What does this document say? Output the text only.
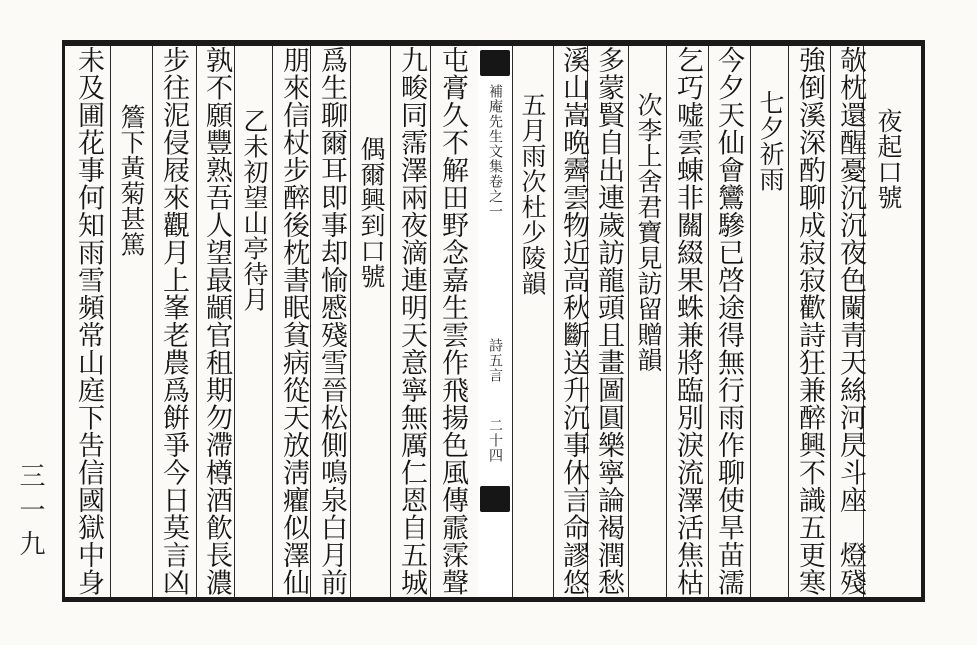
夜起口號
欹枕還醒憂沉沉夜色闌青天絲河昃斗座　燈殘
強倒溪深酌聊成寂寂歡詩狂兼醉興不識五更寒
七夕祈雨
今夕天仙會鸞驂已啓途得無行雨作聊使旱苗濡
乞巧嘘雲蝀非關綴果蛛兼將臨別淚流澤活焦枯
次李上舍君寶見訪留贈韻
多蒙賢自出連歲訪龍頭且畫圖圓樂寧論褐潤愁
溪山嵩晩霽雲物近高秋斷送升沉事休言命謬悠
五月雨次杜少陵韻
補庵先生文集卷之一
詩五言
二十四
屯膏久不解田野念嘉生雲作飛揚色風傳霢霂聲
九畯同霈澤兩夜滴連明天意寧無厲仁恩自五城
偶爾興到口號
爲生聊爾耳即事却愉慼殘雪晉松側鳴泉白月前
朋來信杖步醉後枕書眠貧病從天放淸癯似澤仙
乙未初望山亭待月
孰不願豐熟吾人望最顓官租期勿滯樽酒飮長濃
步往泥侵屐來觀月上峯老農爲餠爭今日莫言凶
簷下黃菊甚篤
未及圃花事何知雨雪頻常山庭下吿信國獄中身
三一九
